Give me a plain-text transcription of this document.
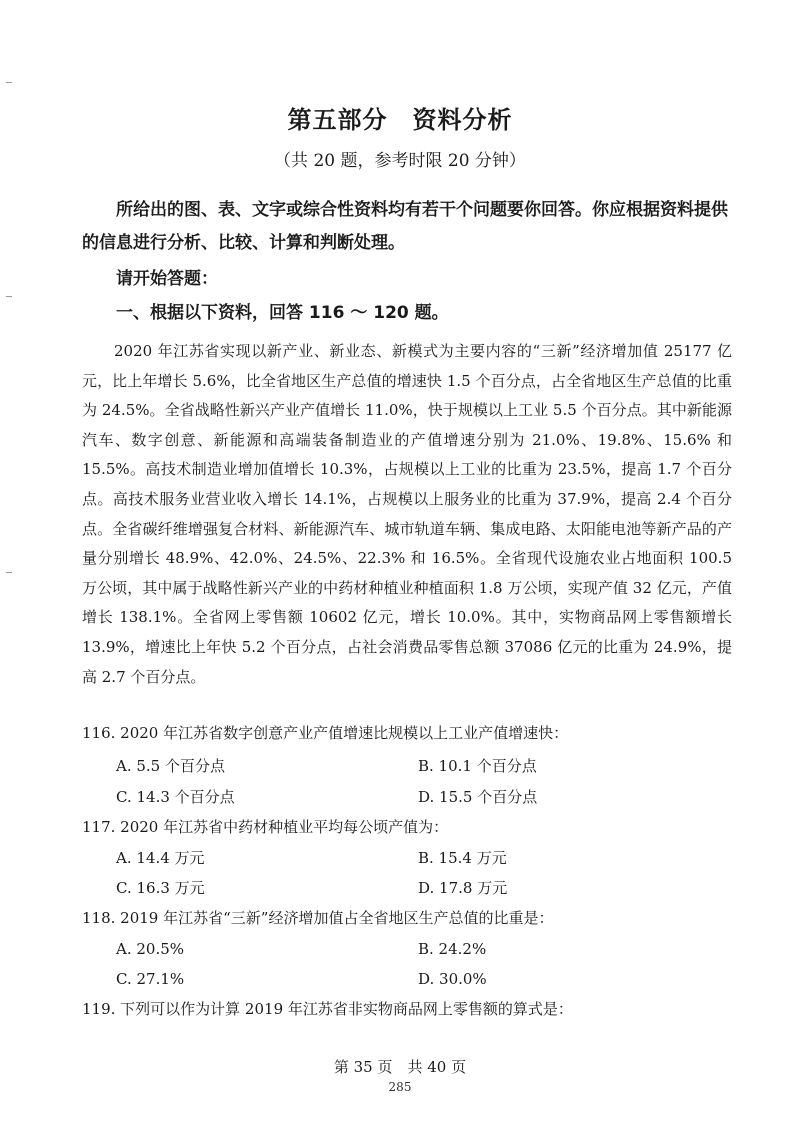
第五部分　资料分析
（共 20 题，参考时限 20 分钟）
所给出的图、表、文字或综合性资料均有若干个问题要你回答。你应根据资料提供的信息进行分析、比较、计算和判断处理。
请开始答题：
一、根据以下资料，回答 116 ～ 120 题。
2020 年江苏省实现以新产业、新业态、新模式为主要内容的“三新”经济增加值 25177 亿元，比上年增长 5.6%，比全省地区生产总值的增速快 1.5 个百分点，占全省地区生产总值的比重为 24.5%。全省战略性新兴产业产值增长 11.0%，快于规模以上工业 5.5 个百分点。其中新能源汽车、数字创意、新能源和高端装备制造业的产值增速分别为 21.0%、19.8%、15.6% 和 15.5%。高技术制造业增加值增长 10.3%，占规模以上工业的比重为 23.5%，提高 1.7 个百分点。高技术服务业营业收入增长 14.1%，占规模以上服务业的比重为 37.9%，提高 2.4 个百分点。全省碳纤维增强复合材料、新能源汽车、城市轨道车辆、集成电路、太阳能电池等新产品的产量分别增长 48.9%、42.0%、24.5%、22.3% 和 16.5%。全省现代设施农业占地面积 100.5 万公顷，其中属于战略性新兴产业的中药材种植业种植面积 1.8 万公顷，实现产值 32 亿元，产值增长 138.1%。全省网上零售额 10602 亿元，增长 10.0%。其中，实物商品网上零售额增长 13.9%，增速比上年快 5.2 个百分点，占社会消费品零售总额 37086 亿元的比重为 24.9%，提高 2.7 个百分点。
116. 2020 年江苏省数字创意产业产值增速比规模以上工业产值增速快：
A. 5.5 个百分点	B. 10.1 个百分点
C. 14.3 个百分点	D. 15.5 个百分点
117. 2020 年江苏省中药材种植业平均每公顷产值为：
A. 14.4 万元	B. 15.4 万元
C. 16.3 万元	D. 17.8 万元
118. 2019 年江苏省“三新”经济增加值占全省地区生产总值的比重是：
A. 20.5%	B. 24.2%
C. 27.1%	D. 30.0%
119. 下列可以作为计算 2019 年江苏省非实物商品网上零售额的算式是：
第 35 页　共 40 页
285
